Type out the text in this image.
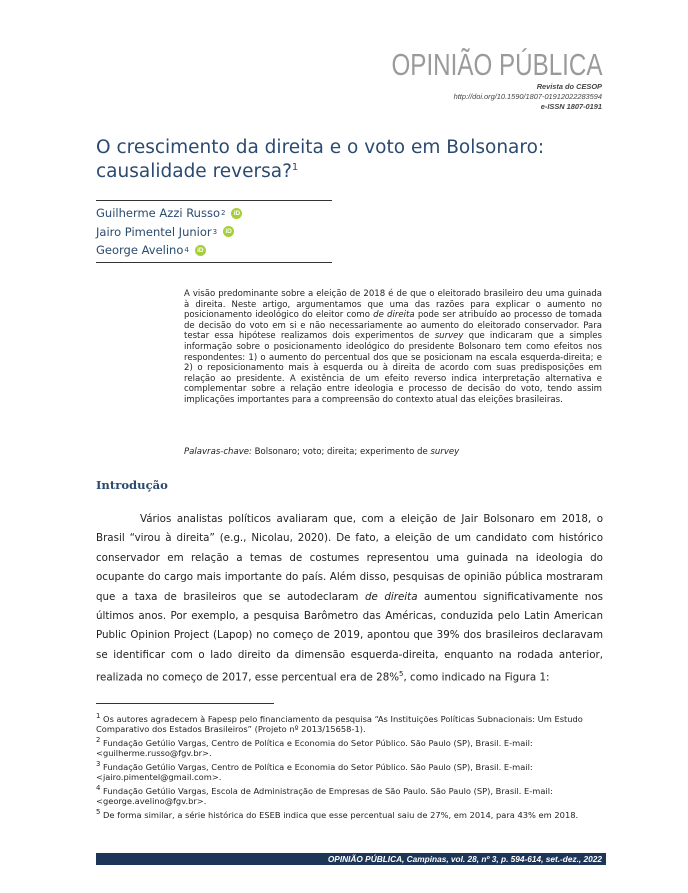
OPINIÃO PÚBLICA
Revista do CESOP
http://doi.org/10.1590/1807-01912022283594
e-ISSN 1807-0191
O crescimento da direita e o voto em Bolsonaro: causalidade reversa?$^1$
Guilherme Azzi Russo 2	iD
Jairo Pimentel Junior 3	iD
George Avelino 4	iD

A visão predominante sobre a eleição de 2018 é de que o eleitorado brasileiro deu uma guinada à direita. Neste artigo, argumentamos que uma das razões para explicar o aumento no posicionamento ideológico do eleitor como de direita pode ser atribuído ao processo de tomada de decisão do voto em si e não necessariamente ao aumento do eleitorado conservador. Para testar essa hipótese realizamos dois experimentos de survey que indicaram que a simples informação sobre o posicionamento ideológico do presidente Bolsonaro tem como efeitos nos respondentes: 1) o aumento do percentual dos que se posicionam na escala esquerda-direita; e 2) o reposicionamento mais à esquerda ou à direita de acordo com suas predisposições em relação ao presidente. A existência de um efeito reverso indica interpretação alternativa e complementar sobre a relação entre ideologia e processo de decisão do voto, tendo assim implicações importantes para a compreensão do contexto atual das eleições brasileiras.

Palavras-chave: Bolsonaro; voto; direita; experimento de survey

Introdução

Vários analistas políticos avaliaram que, com a eleição de Jair Bolsonaro em 2018, o Brasil “virou à direita” (e.g., Nicolau, 2020). De fato, a eleição de um candidato com histórico conservador em relação a temas de costumes representou uma guinada na ideologia do ocupante do cargo mais importante do país. Além disso, pesquisas de opinião pública mostraram que a taxa de brasileiros que se autodeclaram de direita aumentou significativamente nos últimos anos. Por exemplo, a pesquisa Barômetro das Américas, conduzida pelo Latin American Public Opinion Project (Lapop) no começo de 2019, apontou que 39% dos brasileiros declaravam se identificar com o lado direito da dimensão esquerda-direita, enquanto na rodada anterior, realizada no começo de 2017, esse percentual era de 28%$^5$, como indicado na Figura 1:

$^1$ Os autores agradecem à Fapesp pelo financiamento da pesquisa “As Instituições Políticas Subnacionais: Um Estudo Comparativo dos Estados Brasileiros” (Projeto nº 2013/15658-1).

$^2$ Fundação Getúlio Vargas, Centro de Política e Economia do Setor Público. São Paulo (SP), Brasil. E-mail: <guilherme.russo@fgv.br>.

$^3$ Fundação Getúlio Vargas, Centro de Política e Economia do Setor Público. São Paulo (SP), Brasil. E-mail: <jairo.pimentel@gmail.com>.

$^4$ Fundação Getúlio Vargas, Escola de Administração de Empresas de São Paulo. São Paulo (SP), Brasil. E-mail: <george.avelino@fgv.br>.

$^5$ De forma similar, a série histórica do ESEB indica que esse percentual saiu de 27%, em 2014, para 43% em 2018.

OPINIÃO PÚBLICA, Campinas, vol. 28, nº 3, p. 594-614, set.-dez., 2022
